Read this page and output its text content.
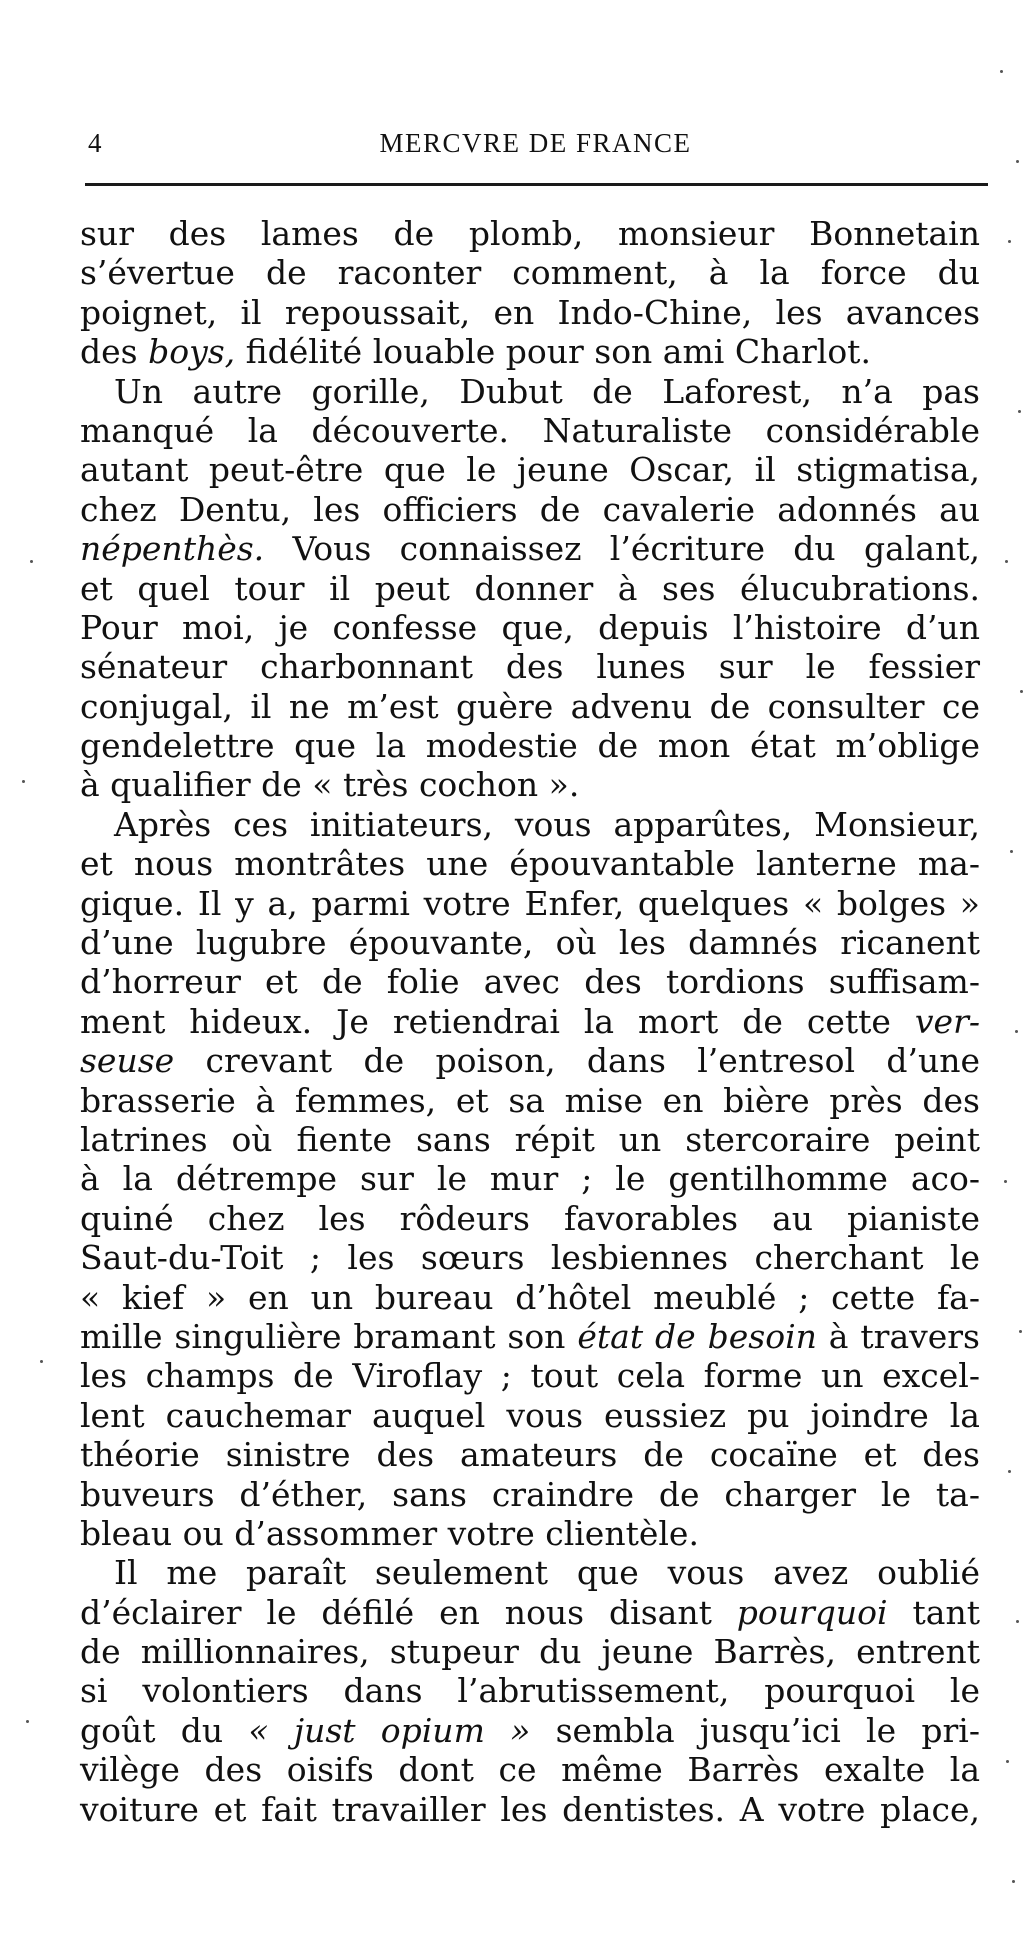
4	MERCVRE DE FRANCE
sur des lames de plomb, monsieur Bonnetain
s’évertue de raconter comment, à la force du
poignet, il repoussait, en Indo-Chine, les avances
des boys, fidélité louable pour son ami Charlot.
Un autre gorille, Dubut de Laforest, n’a pas
manqué la découverte. Naturaliste considérable
autant peut-être que le jeune Oscar, il stigmatisa,
chez Dentu, les officiers de cavalerie adonnés au
népenthès. Vous connaissez l’écriture du galant,
et quel tour il peut donner à ses élucubrations.
Pour moi, je confesse que, depuis l’histoire d’un
sénateur charbonnant des lunes sur le fessier
conjugal, il ne m’est guère advenu de consulter ce
gendelettre que la modestie de mon état m’oblige
à qualifier de « très cochon ».
Après ces initiateurs, vous apparûtes, Monsieur,
et nous montrâtes une épouvantable lanterne ma-
gique. Il y a, parmi votre Enfer, quelques « bolges »
d’une lugubre épouvante, où les damnés ricanent
d’horreur et de folie avec des tordions suffisam-
ment hideux. Je retiendrai la mort de cette ver-
seuse crevant de poison, dans l’entresol d’une
brasserie à femmes, et sa mise en bière près des
latrines où fiente sans répit un stercoraire peint
à la détrempe sur le mur ; le gentilhomme aco-
quiné chez les rôdeurs favorables au pianiste
Saut-du-Toit ; les sœurs lesbiennes cherchant le
« kief » en un bureau d’hôtel meublé ; cette fa-
mille singulière bramant son état de besoin à travers
les champs de Viroflay ; tout cela forme un excel-
lent cauchemar auquel vous eussiez pu joindre la
théorie sinistre des amateurs de cocaïne et des
buveurs d’éther, sans craindre de charger le ta-
bleau ou d’assommer votre clientèle.
Il me paraît seulement que vous avez oublié
d’éclairer le défilé en nous disant pourquoi tant
de millionnaires, stupeur du jeune Barrès, entrent
si volontiers dans l’abrutissement, pourquoi le
goût du « just opium » sembla jusqu’ici le pri-
vilège des oisifs dont ce même Barrès exalte la
voiture et fait travailler les dentistes. A votre place,
